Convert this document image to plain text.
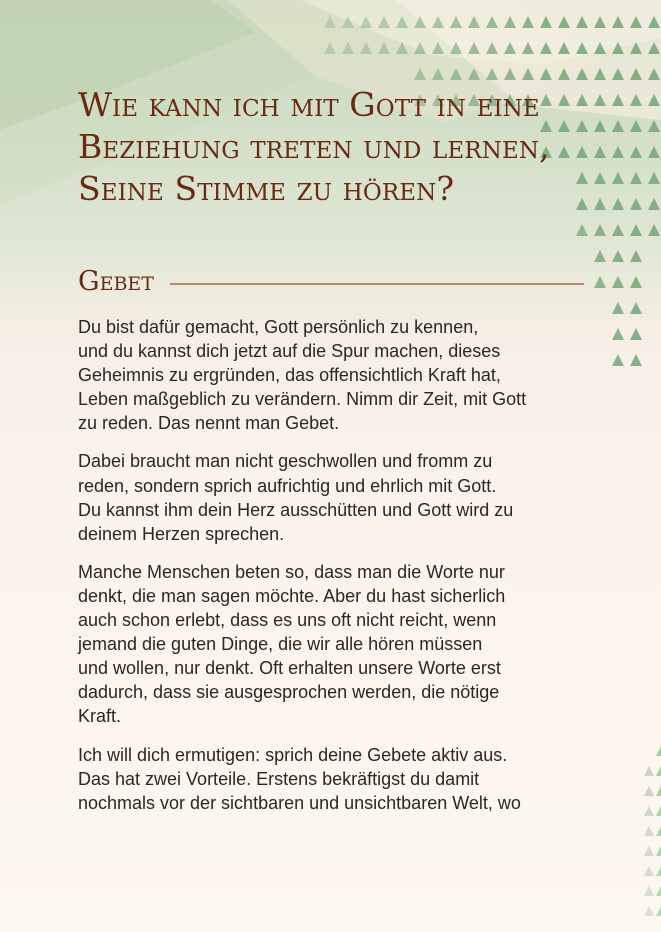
Wie kann ich mit Gott in eine Beziehung treten und lernen, Seine Stimme zu hören?
Gebet

Du bist dafür gemacht, Gott persönlich zu kennen,
und du kannst dich jetzt auf die Spur machen, dieses
Geheimnis zu ergründen, das offensichtlich Kraft hat,
Leben maßgeblich zu verändern. Nimm dir Zeit, mit Gott
zu reden. Das nennt man Gebet.

Dabei braucht man nicht geschwollen und fromm zu
reden, sondern sprich aufrichtig und ehrlich mit Gott.
Du kannst ihm dein Herz ausschütten und Gott wird zu
deinem Herzen sprechen.

Manche Menschen beten so, dass man die Worte nur
denkt, die man sagen möchte. Aber du hast sicherlich
auch schon erlebt, dass es uns oft nicht reicht, wenn
jemand die guten Dinge, die wir alle hören müssen
und wollen, nur denkt. Oft erhalten unsere Worte erst
dadurch, dass sie ausgesprochen werden, die nötige
Kraft.

Ich will dich ermutigen: sprich deine Gebete aktiv aus.
Das hat zwei Vorteile. Erstens bekräftigst du damit
nochmals vor der sichtbaren und unsichtbaren Welt, wo
